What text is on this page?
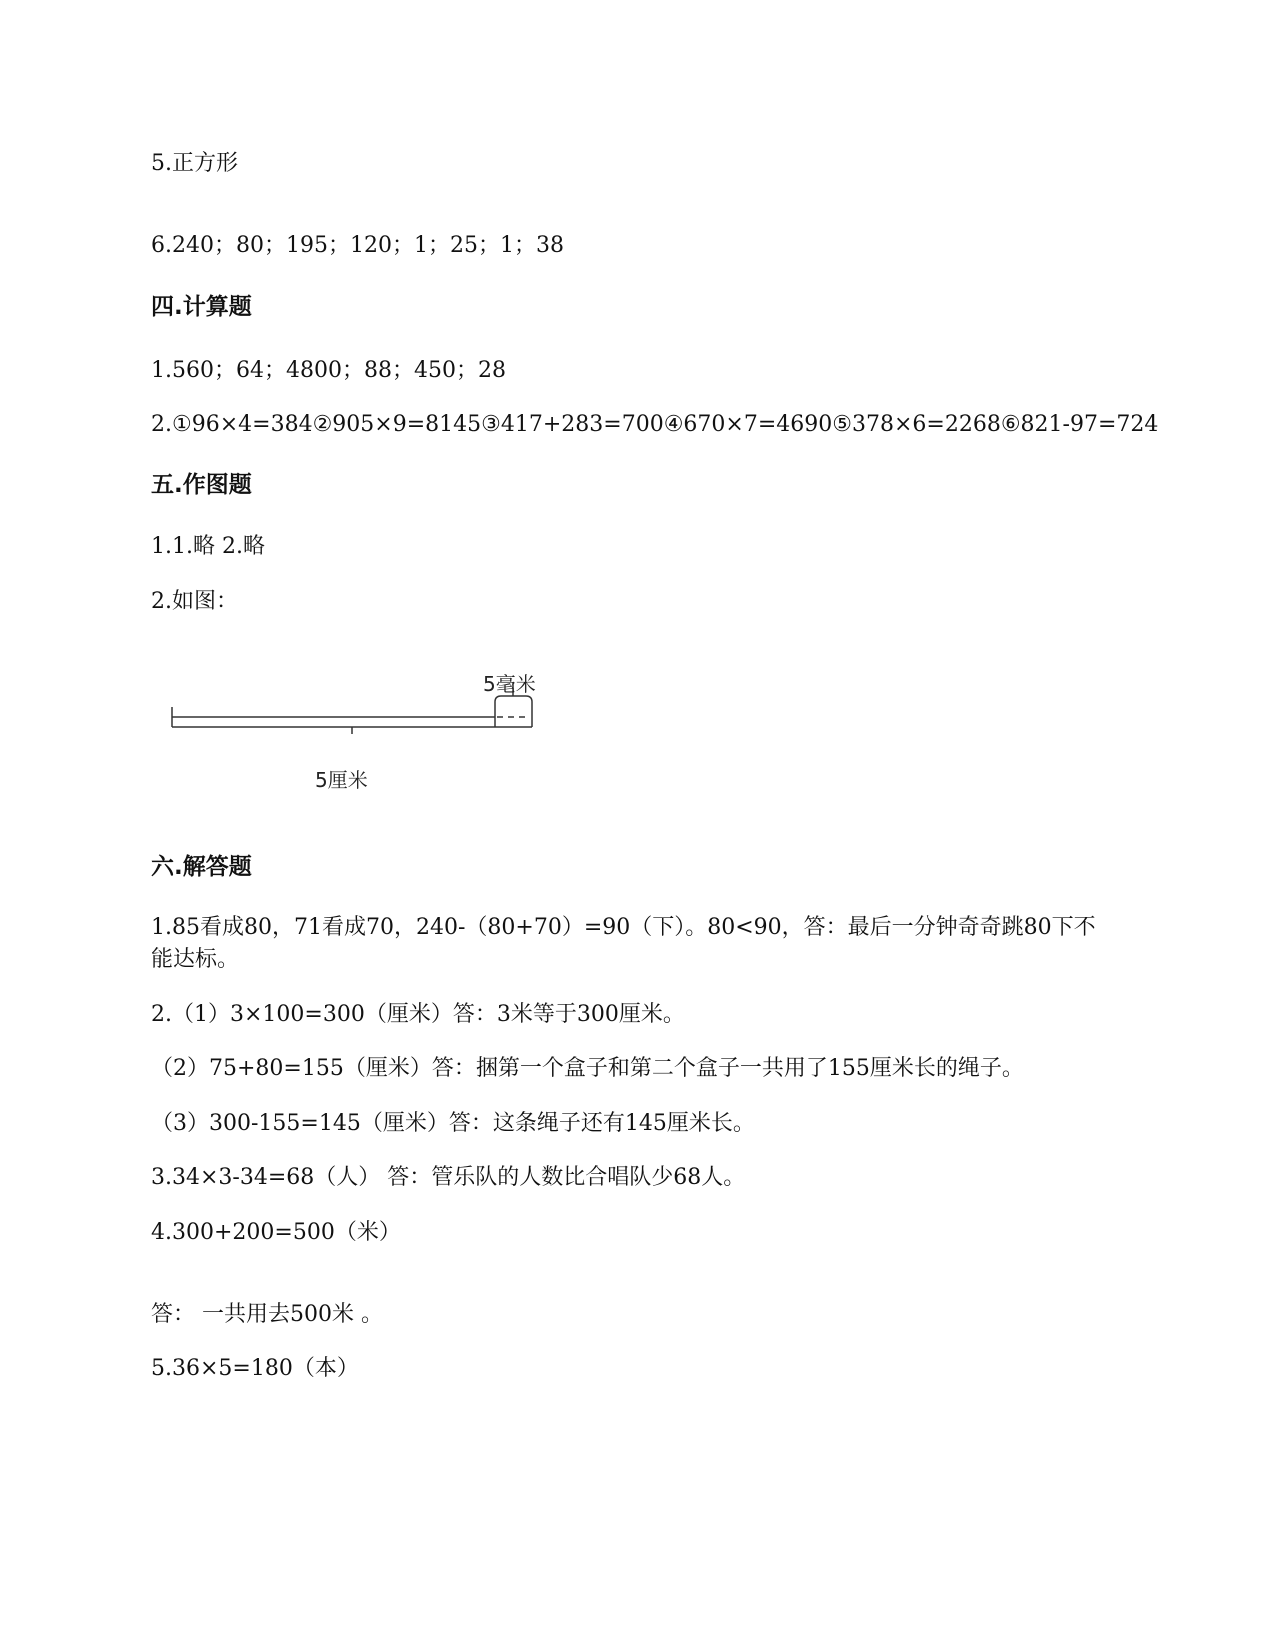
5.正方形
6.240；80；195；120；1；25；1；38
四.计算题
1.560；64；4800；88；450；28
2.①96×4=384②905×9=8145③417+283=700④670×7=4690⑤378×6=2268⑥821-97=724
五.作图题
1.1.略 2.略
2.如图：
5毫米
5厘米
六.解答题
1.85看成80，71看成70，240-（80+70）=90（下）。80<90，答：最后一分钟奇奇跳80下不能达标。
2.（1）3×100=300（厘米）答：3米等于300厘米。
（2）75+80=155（厘米）答：捆第一个盒子和第二个盒子一共用了155厘米长的绳子。
（3）300-155=145（厘米）答：这条绳子还有145厘米长。
3.34×3-34=68（人） 答：管乐队的人数比合唱队少68人。
4.300+200=500（米）
答： 一共用去500米 。
5.36×5=180（本）
